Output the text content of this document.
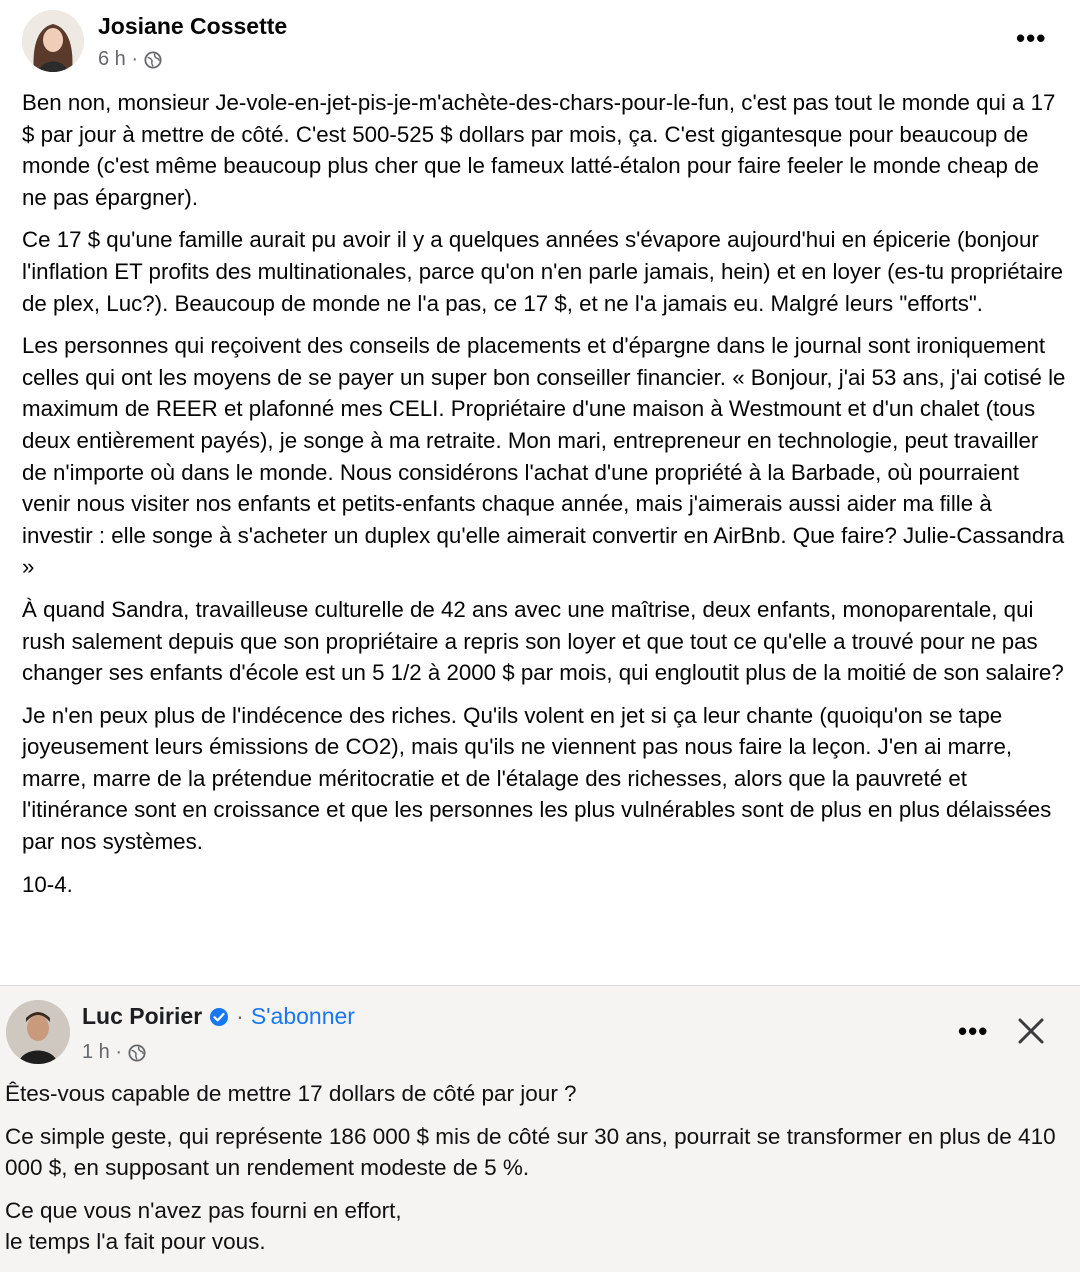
Josiane Cossette
6 h ·
•••

Ben non, monsieur Je-vole-en-jet-pis-je-m'achète-des-chars-pour-le-fun, c'est pas tout le monde qui a 17 $ par jour à mettre de côté. C'est 500-525 $ dollars par mois, ça. C'est gigantesque pour beaucoup de monde (c'est même beaucoup plus cher que le fameux latté-étalon pour faire feeler le monde cheap de ne pas épargner).

Ce 17 $ qu'une famille aurait pu avoir il y a quelques années s'évapore aujourd'hui en épicerie (bonjour l'inflation ET profits des multinationales, parce qu'on n'en parle jamais, hein) et en loyer (es-tu propriétaire de plex, Luc?). Beaucoup de monde ne l'a pas, ce 17 $, et ne l'a jamais eu. Malgré leurs "efforts".

Les personnes qui reçoivent des conseils de placements et d'épargne dans le journal sont ironiquement celles qui ont les moyens de se payer un super bon conseiller financier. « Bonjour, j'ai 53 ans, j'ai cotisé le maximum de REER et plafonné mes CELI. Propriétaire d'une maison à Westmount et d'un chalet (tous deux entièrement payés), je songe à ma retraite. Mon mari, entrepreneur en technologie, peut travailler de n'importe où dans le monde. Nous considérons l'achat d'une propriété à la Barbade, où pourraient venir nous visiter nos enfants et petits-enfants chaque année, mais j'aimerais aussi aider ma fille à investir : elle songe à s'acheter un duplex qu'elle aimerait convertir en AirBnb. Que faire? Julie-Cassandra »

À quand Sandra, travailleuse culturelle de 42 ans avec une maîtrise, deux enfants, monoparentale, qui rush salement depuis que son propriétaire a repris son loyer et que tout ce qu'elle a trouvé pour ne pas changer ses enfants d'école est un 5 1/2 à 2000 $ par mois, qui engloutit plus de la moitié de son salaire?

Je n'en peux plus de l'indécence des riches. Qu'ils volent en jet si ça leur chante (quoiqu'on se tape joyeusement leurs émissions de CO2), mais qu'ils ne viennent pas nous faire la leçon. J'en ai marre, marre, marre de la prétendue méritocratie et de l'étalage des richesses, alors que la pauvreté et l'itinérance sont en croissance et que les personnes les plus vulnérables sont de plus en plus délaissées par nos systèmes.

10-4.

Luc Poirier · S'abonner
1 h ·
•••

Êtes-vous capable de mettre 17 dollars de côté par jour ?

Ce simple geste, qui représente 186 000 $ mis de côté sur 30 ans, pourrait se transformer en plus de 410 000 $, en supposant un rendement modeste de 5 %.

Ce que vous n'avez pas fourni en effort,
le temps l'a fait pour vous.
